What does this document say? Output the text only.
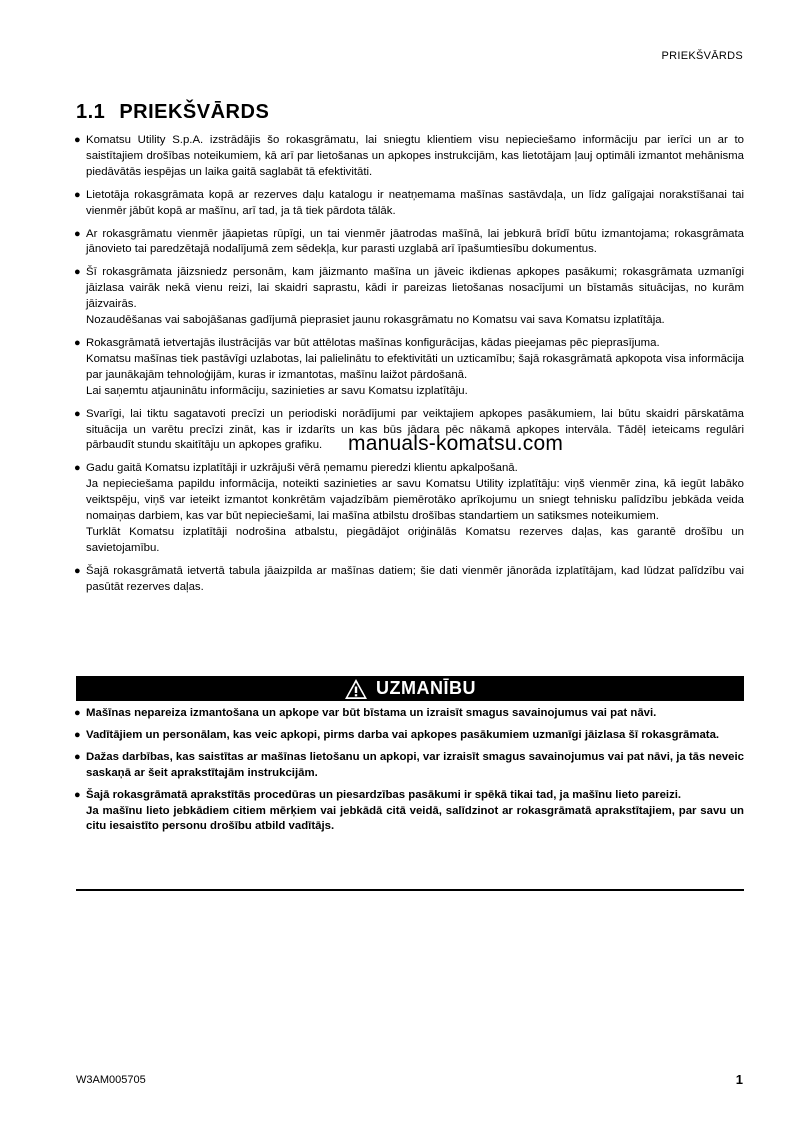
PRIEKŠVĀRDS
1.1 PRIEKŠVĀRDS
● Komatsu Utility S.p.A. izstrādājis šo rokasgrāmatu, lai sniegtu klientiem visu nepieciešamo informāciju par ierīci un ar to saistītajiem drošības noteikumiem, kā arī par lietošanas un apkopes instrukcijām, kas lietotājam ļauj optimāli izmantot mehānisma piedāvātās iespējas un laika gaitā saglabāt tā efektivitāti.

● Lietotāja rokasgrāmata kopā ar rezerves daļu katalogu ir neatņemama mašīnas sastāvdaļa, un līdz galīgajai norakstīšanai tai vienmēr jābūt kopā ar mašīnu, arī tad, ja tā tiek pārdota tālāk.

● Ar rokasgrāmatu vienmēr jāapietas rūpīgi, un tai vienmēr jāatrodas mašīnā, lai jebkurā brīdī būtu izmantojama; rokasgrāmata jānovieto tai paredzētajā nodalījumā zem sēdekļa, kur parasti uzglabā arī īpašumtiesību dokumentus.

● Šī rokasgrāmata jāizsniedz personām, kam jāizmanto mašīna un jāveic ikdienas apkopes pasākumi; rokasgrāmata uzmanīgi jāizlasa vairāk nekā vienu reizi, lai skaidri saprastu, kādi ir pareizas lietošanas nosacījumi un bīstamās situācijas, no kurām jāizvairās.

Nozaudēšanas vai sabojāšanas gadījumā pieprasiet jaunu rokasgrāmatu no Komatsu vai sava Komatsu izplatītāja.

● Rokasgrāmatā ietvertajās ilustrācijās var būt attēlotas mašīnas konfigurācijas, kādas pieejamas pēc pieprasījuma.

Komatsu mašīnas tiek pastāvīgi uzlabotas, lai palielinātu to efektivitāti un uzticamību; šajā rokasgrāmatā apkopota visa informācija par jaunākajām tehnoloģijām, kuras ir izmantotas, mašīnu laižot pārdošanā.

Lai saņemtu atjauninātu informāciju, sazinieties ar savu Komatsu izplatītāju.

● Svarīgi, lai tiktu sagatavoti precīzi un periodiski norādījumi par veiktajiem apkopes pasākumiem, lai būtu skaidri pārskatāma situācija un varētu precīzi zināt, kas ir izdarīts un kas būs jādara pēc nākamā apkopes intervāla. Tādēļ ieteicams regulāri pārbaudīt stundu skaitītāju un apkopes grafiku.

● Gadu gaitā Komatsu izplatītāji ir uzkrājuši vērā ņemamu pieredzi klientu apkalpošanā.

Ja nepieciešama papildu informācija, noteikti sazinieties ar savu Komatsu Utility izplatītāju: viņš vienmēr zina, kā iegūt labāko veiktspēju, viņš var ieteikt izmantot konkrētām vajadzībām piemērotāko aprīkojumu un sniegt tehnisku palīdzību jebkāda veida nomaiņas darbiem, kas var būt nepieciešami, lai mašīna atbilstu drošības standartiem un satiksmes noteikumiem.

Turklāt Komatsu izplatītāji nodrošina atbalstu, piegādājot oriģinālās Komatsu rezerves daļas, kas garantē drošību un savietojamību.

● Šajā rokasgrāmatā ietvertā tabula jāaizpilda ar mašīnas datiem; šie dati vienmēr jānorāda izplatītājam, kad lūdzat palīdzību vai pasūtāt rezerves daļas.

manuals-komatsu.com
UZMANĪBU
● Mašīnas nepareiza izmantošana un apkope var būt bīstama un izraisīt smagus savainojumus vai pat nāvi.

● Vadītājiem un personālam, kas veic apkopi, pirms darba vai apkopes pasākumiem uzmanīgi jāizlasa šī rokasgrāmata.

● Dažas darbības, kas saistītas ar mašīnas lietošanu un apkopi, var izraisīt smagus savainojumus vai pat nāvi, ja tās neveic saskaņā ar šeit aprakstītajām instrukcijām.

● Šajā rokasgrāmatā aprakstītās procedūras un piesardzības pasākumi ir spēkā tikai tad, ja mašīnu lieto pareizi.

Ja mašīnu lieto jebkādiem citiem mērķiem vai jebkādā citā veidā, salīdzinot ar rokasgrāmatā aprakstītajiem, par savu un citu iesaistīto personu drošību atbild vadītājs.

W3AM005705	1
